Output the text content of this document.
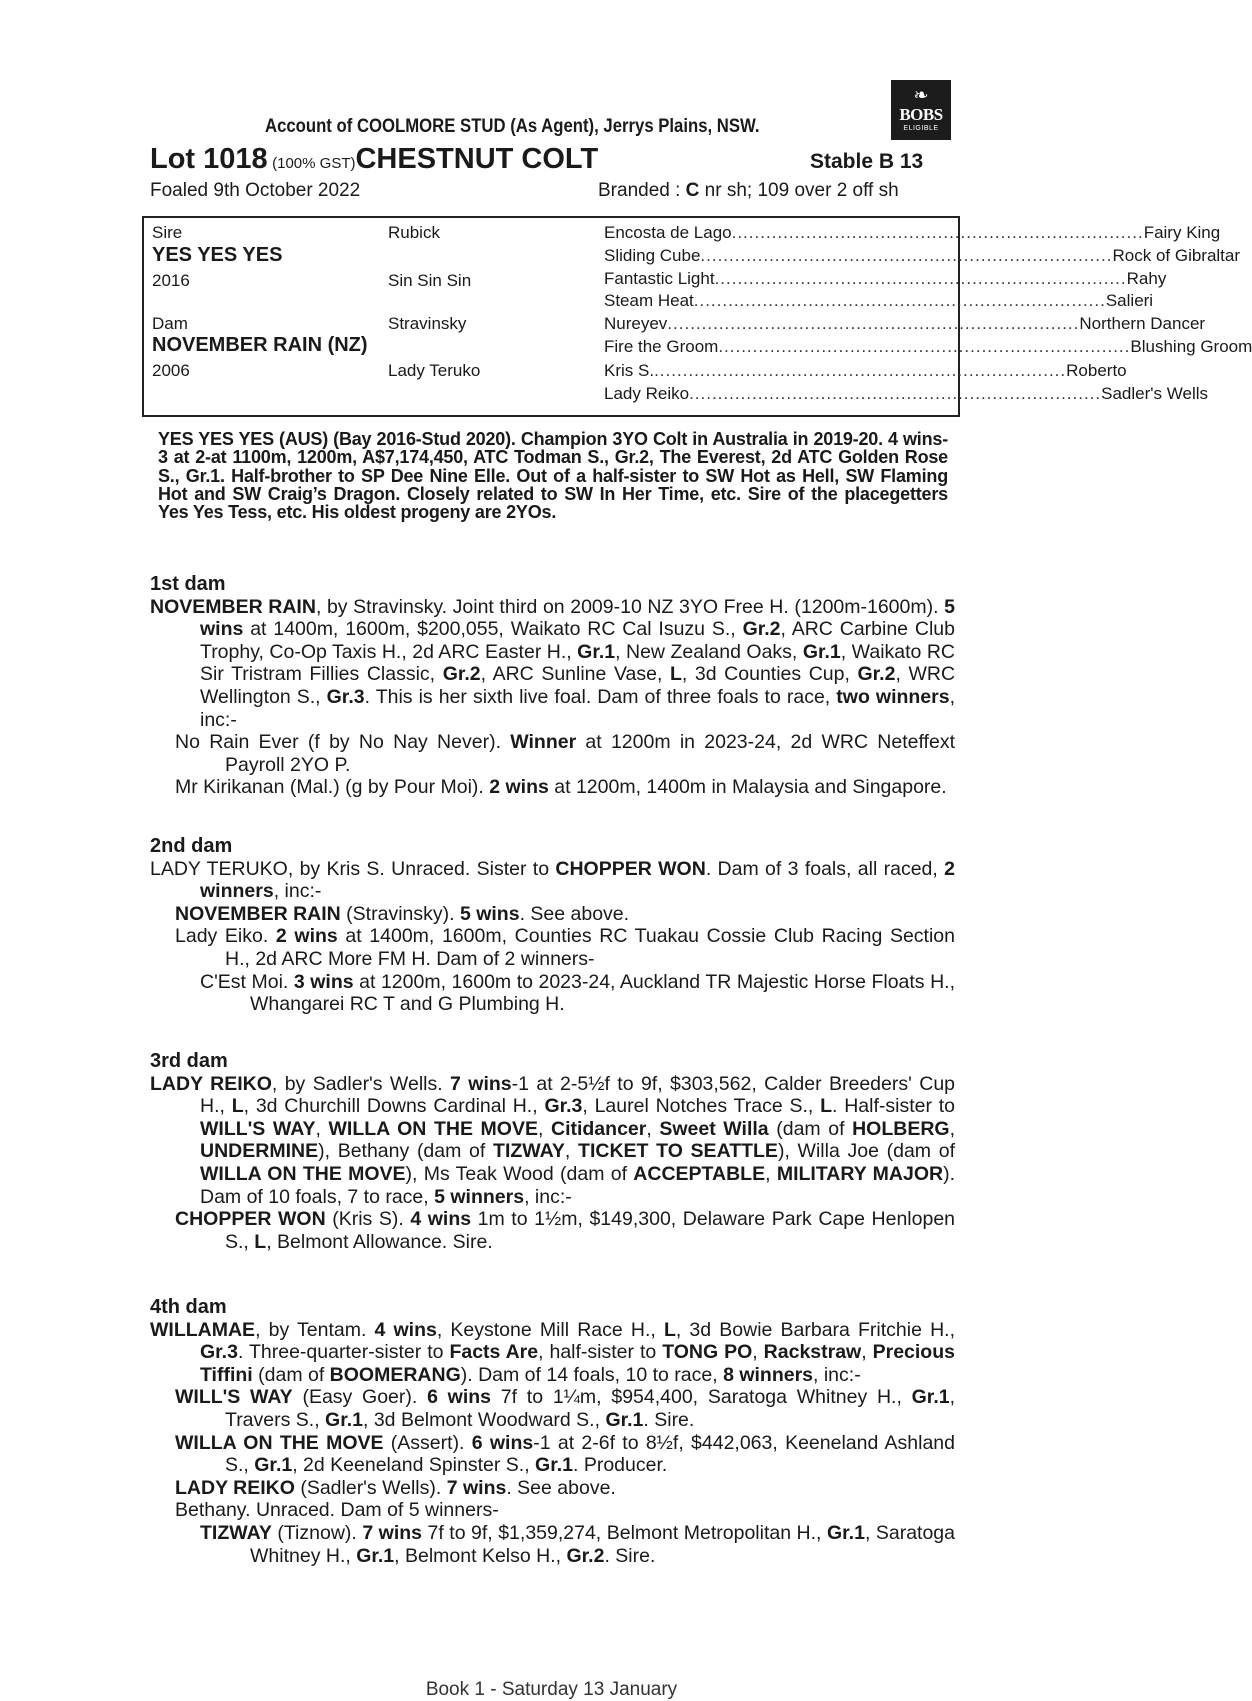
❧
BOBS
ELIGIBLE
Account of COOLMORE STUD (As Agent), Jerrys Plains, NSW.
Lot 1018 (100% GST)CHESTNUT COLT	Stable B 13
Foaled 9th October 2022	Branded : C nr sh; 109 over 2 off sh
Sire
YES YES YES
2016
Dam
NOVEMBER RAIN (NZ)
2006
Rubick
Sin Sin Sin
Stravinsky
Lady Teruko
Encosta de Lago ........................................................................ Fairy King
Sliding Cube ........................................................................ Rock of Gibraltar
Fantastic Light ........................................................................ Rahy
Steam Heat ........................................................................ Salieri
Nureyev ........................................................................ Northern Dancer
Fire the Groom ........................................................................ Blushing Groom
Kris S. ........................................................................ Roberto
Lady Reiko ........................................................................ Sadler's Wells
YES YES YES (AUS) (Bay 2016-Stud 2020). Champion 3YO Colt in Australia in 2019-20. 4 wins-3 at 2-at 1100m, 1200m, A$7,174,450, ATC Todman S., Gr.2, The Everest, 2d ATC Golden Rose S., Gr.1. Half-brother to SP Dee Nine Elle. Out of a half-sister to SW Hot as Hell, SW Flaming Hot and SW Craig’s Dragon. Closely related to SW In Her Time, etc. Sire of the placegetters Yes Yes Tess, etc. His oldest progeny are 2YOs.
1st dam
NOVEMBER RAIN, by Stravinsky. Joint third on 2009-10 NZ 3YO Free H. (1200m-1600m). 5 wins at 1400m, 1600m, $200,055, Waikato RC Cal Isuzu S., Gr.2, ARC Carbine Club Trophy, Co-Op Taxis H., 2d ARC Easter H., Gr.1, New Zealand Oaks, Gr.1, Waikato RC Sir Tristram Fillies Classic, Gr.2, ARC Sunline Vase, L, 3d Counties Cup, Gr.2, WRC Wellington S., Gr.3. This is her sixth live foal. Dam of three foals to race, two winners, inc:-
No Rain Ever (f by No Nay Never). Winner at 1200m in 2023-24, 2d WRC Neteffext Payroll 2YO P.
Mr Kirikanan (Mal.) (g by Pour Moi). 2 wins at 1200m, 1400m in Malaysia and Singapore.
2nd dam
LADY TERUKO, by Kris S. Unraced. Sister to CHOPPER WON. Dam of 3 foals, all raced, 2 winners, inc:-
NOVEMBER RAIN (Stravinsky). 5 wins. See above.
Lady Eiko. 2 wins at 1400m, 1600m, Counties RC Tuakau Cossie Club Racing Section H., 2d ARC More FM H. Dam of 2 winners-
C'Est Moi. 3 wins at 1200m, 1600m to 2023-24, Auckland TR Majestic Horse Floats H., Whangarei RC T and G Plumbing H.
3rd dam
LADY REIKO, by Sadler's Wells. 7 wins-1 at 2-5½f to 9f, $303,562, Calder Breeders' Cup H., L, 3d Churchill Downs Cardinal H., Gr.3, Laurel Notches Trace S., L. Half-sister to WILL'S WAY, WILLA ON THE MOVE, Citidancer, Sweet Willa (dam of HOLBERG, UNDERMINE), Bethany (dam of TIZWAY, TICKET TO SEATTLE), Willa Joe (dam of WILLA ON THE MOVE), Ms Teak Wood (dam of ACCEPTABLE, MILITARY MAJOR). Dam of 10 foals, 7 to race, 5 winners, inc:-
CHOPPER WON (Kris S). 4 wins 1m to 1½m, $149,300, Delaware Park Cape Henlopen S., L, Belmont Allowance. Sire.
4th dam
WILLAMAE, by Tentam. 4 wins, Keystone Mill Race H., L, 3d Bowie Barbara Fritchie H., Gr.3. Three-quarter-sister to Facts Are, half-sister to TONG PO, Rackstraw, Precious Tiffini (dam of BOOMERANG). Dam of 14 foals, 10 to race, 8 winners, inc:-
WILL'S WAY (Easy Goer). 6 wins 7f to 1¼m, $954,400, Saratoga Whitney H., Gr.1, Travers S., Gr.1, 3d Belmont Woodward S., Gr.1. Sire.
WILLA ON THE MOVE (Assert). 6 wins-1 at 2-6f to 8½f, $442,063, Keeneland Ashland S., Gr.1, 2d Keeneland Spinster S., Gr.1. Producer.
LADY REIKO (Sadler's Wells). 7 wins. See above.
Bethany. Unraced. Dam of 5 winners-
TIZWAY (Tiznow). 7 wins 7f to 9f, $1,359,274, Belmont Metropolitan H., Gr.1, Saratoga Whitney H., Gr.1, Belmont Kelso H., Gr.2. Sire.
Book 1 - Saturday 13 January
